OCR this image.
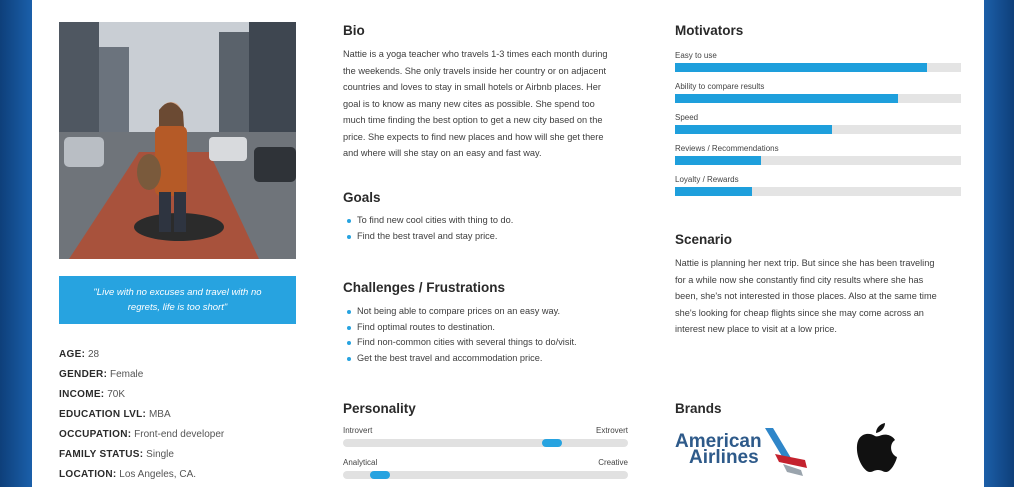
"Live with no excuses and travel with no regrets, life is too short"
AGE: 28
GENDER: Female
INCOME: 70K
EDUCATION LVL: MBA
OCCUPATION: Front-end developer
FAMILY STATUS: Single
LOCATION: Los Angeles, CA.
Bio
Nattie is a yoga teacher who travels 1-3 times each month during
the weekends. She only travels inside her country or on adjacent
countries and loves to stay in small hotels or Airbnb places. Her
goal is to know as many new cites as possible. She spend too
much time finding the best option to get a new city based on the
price. She expects to find new places and how will she get there
and where will she stay on an easy and fast way.
Goals
To find new cool cities with thing to do.
Find the best travel and stay price.
Challenges / Frustrations
Not being able to compare prices on an easy way.
Find optimal routes to destination.
Find non-common cities with several things to do/visit.
Get the best travel and accommodation price.
Personality
Introvert	Extrovert
Analytical	Creative
Motivators
Easy to use
Ability to compare results
Speed
Reviews / Recommendations
Loyalty / Rewards
Scenario
Nattie is planning her next trip. But since she has been traveling
for a while now she constantly find city results where she has
been, she's not interested in those places. Also at the same time
she's looking for cheap flights since she may come across an
interest new place to visit at a low price.
Brands
American
Airlines
